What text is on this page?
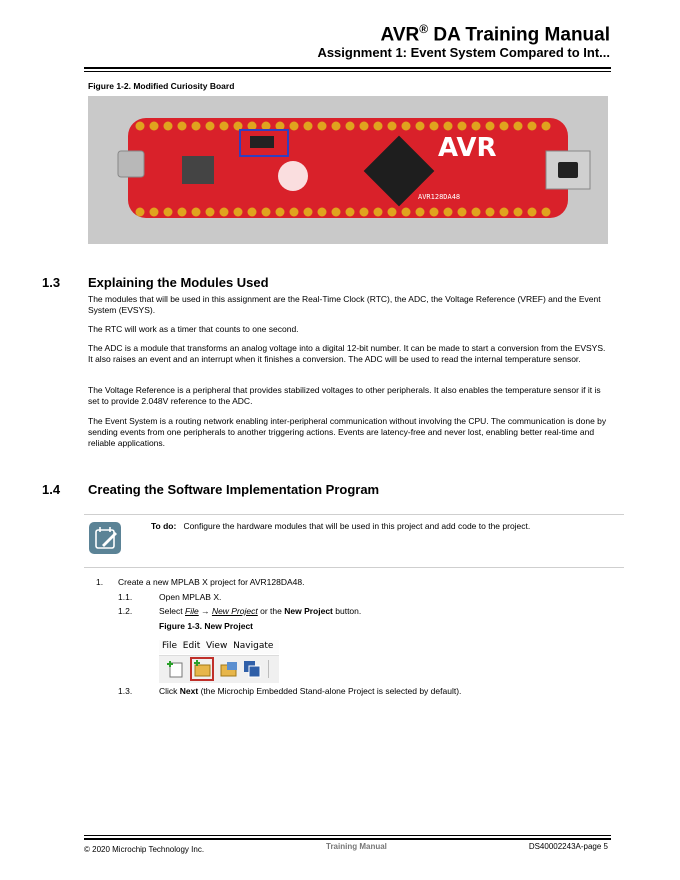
AVR® DA Training Manual
Assignment 1: Event System Compared to Int...
Figure 1-2. Modified Curiosity Board
AVR
AVR128DA48
1.3 Explaining the Modules Used

The modules that will be used in this assignment are the Real-Time Clock (RTC), the ADC, the Voltage Reference (VREF) and the Event System (EVSYS).

The RTC will work as a timer that counts to one second.

The ADC is a module that transforms an analog voltage into a digital 12-bit number. It can be made to start a conversion from the EVSYS. It also raises an event and an interrupt when it finishes a conversion. The ADC will be used to read the internal temperature sensor.

The Voltage Reference is a peripheral that provides stabilized voltages to other peripherals. It also enables the temperature sensor if it is set to provide 2.048V reference to the ADC.

The Event System is a routing network enabling inter-peripheral communication without involving the CPU. The communication is done by sending events from one peripherals to another triggering actions. Events are latency-free and never lost, enabling better real-time and reliable applications.

1.4 Creating the Software Implementation Program
To do: Configure the hardware modules that will be used in this project and add code to the project.
1. Create a new MPLAB X project for AVR128DA48.
1.1.	Open MPLAB X.
1.2.	Select File → New Project or the New Project button.
Figure 1-3. New Project
File Edit View Navigate
1.3.	Click Next (the Microchip Embedded Stand-alone Project is selected by default).
© 2020 Microchip Technology Inc.	Training Manual	DS40002243A-page 5
